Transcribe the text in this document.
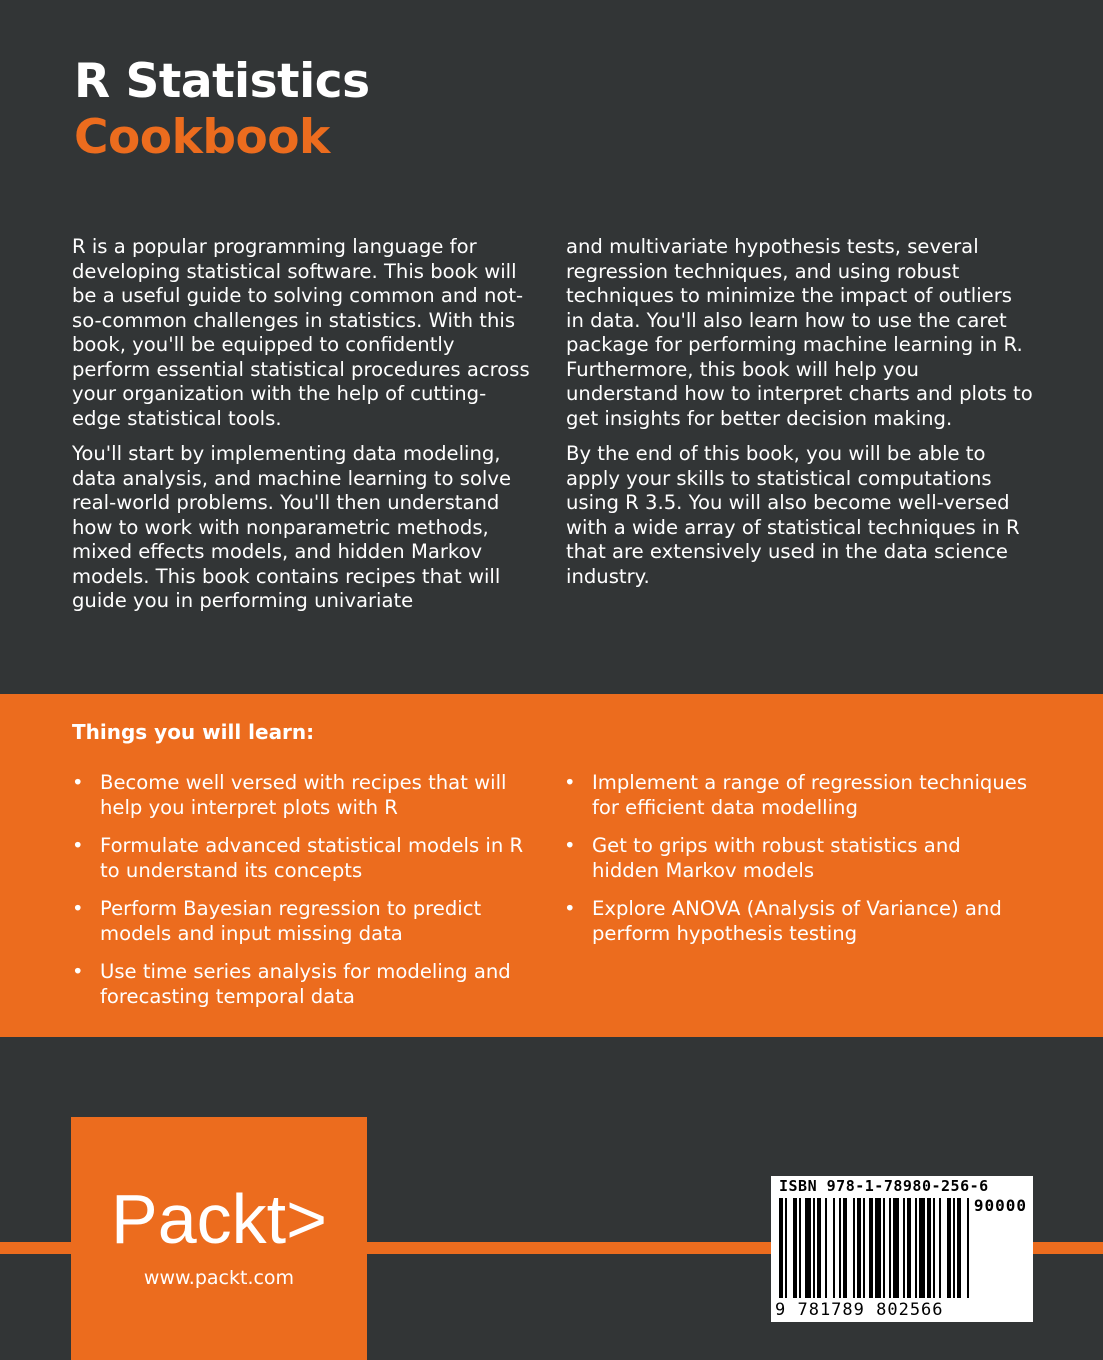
R Statistics
Cookbook

R is a popular programming language for developing statistical software. This book will be a useful guide to solving common and not-so-common challenges in statistics. With this book, you'll be equipped to confidently perform essential statistical procedures across your organization with the help of cutting-edge statistical tools.

You'll start by implementing data modeling, data analysis, and machine learning to solve real-world problems. You'll then understand how to work with nonparametric methods, mixed effects models, and hidden Markov models. This book contains recipes that will guide you in performing univariate

and multivariate hypothesis tests, several regression techniques, and using robust techniques to minimize the impact of outliers in data. You'll also learn how to use the caret package for performing machine learning in R. Furthermore, this book will help you understand how to interpret charts and plots to get insights for better decision making.

By the end of this book, you will be able to apply your skills to statistical computations using R 3.5. You will also become well-versed with a wide array of statistical techniques in R that are extensively used in the data science industry.

Things you will learn:
• Become well versed with recipes that will help you interpret plots with R
• Formulate advanced statistical models in R to understand its concepts
• Perform Bayesian regression to predict models and input missing data
• Use time series analysis for modeling and forecasting temporal data
• Implement a range of regression techniques for efficient data modelling
• Get to grips with robust statistics and hidden Markov models
• Explore ANOVA (Analysis of Variance) and perform hypothesis testing
Packt>
www.packt.com
ISBN 978-1-78980-256-6
90000
9 781789 802566
